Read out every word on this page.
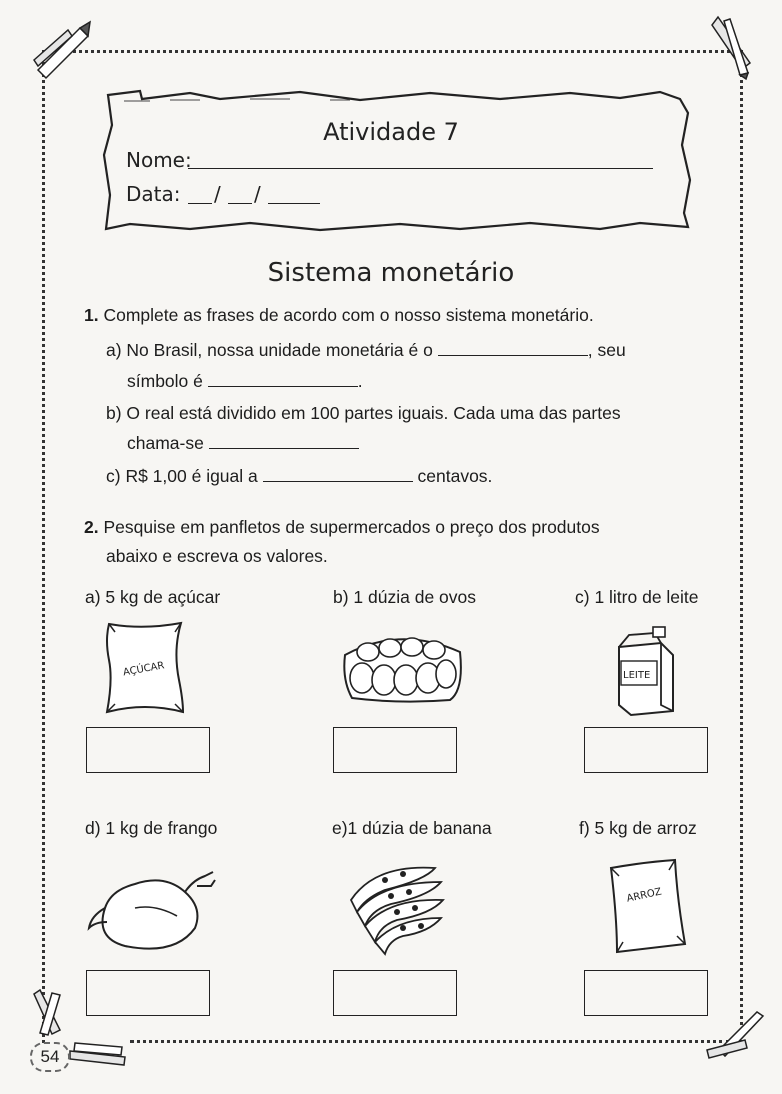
Atividade 7
Nome:
Data: / /
Sistema monetário
1. Complete as frases de acordo com o nosso sistema monetário.
a) No Brasil, nossa unidade monetária é o	, seu
símbolo é	.
b) O real está dividido em 100 partes iguais. Cada uma das partes
chama-se
c) R$ 1,00 é igual a	centavos.
2. Pesquise em panfletos de supermercados o preço dos produtos
abaixo e escreva os valores.
a) 5 kg de açúcar	b) 1 dúzia de ovos	c) 1 litro de leite
d) 1 kg de frango	e)1 dúzia de banana	f) 5 kg de arroz
AÇÚCAR	LEITE
ARROZ
54
